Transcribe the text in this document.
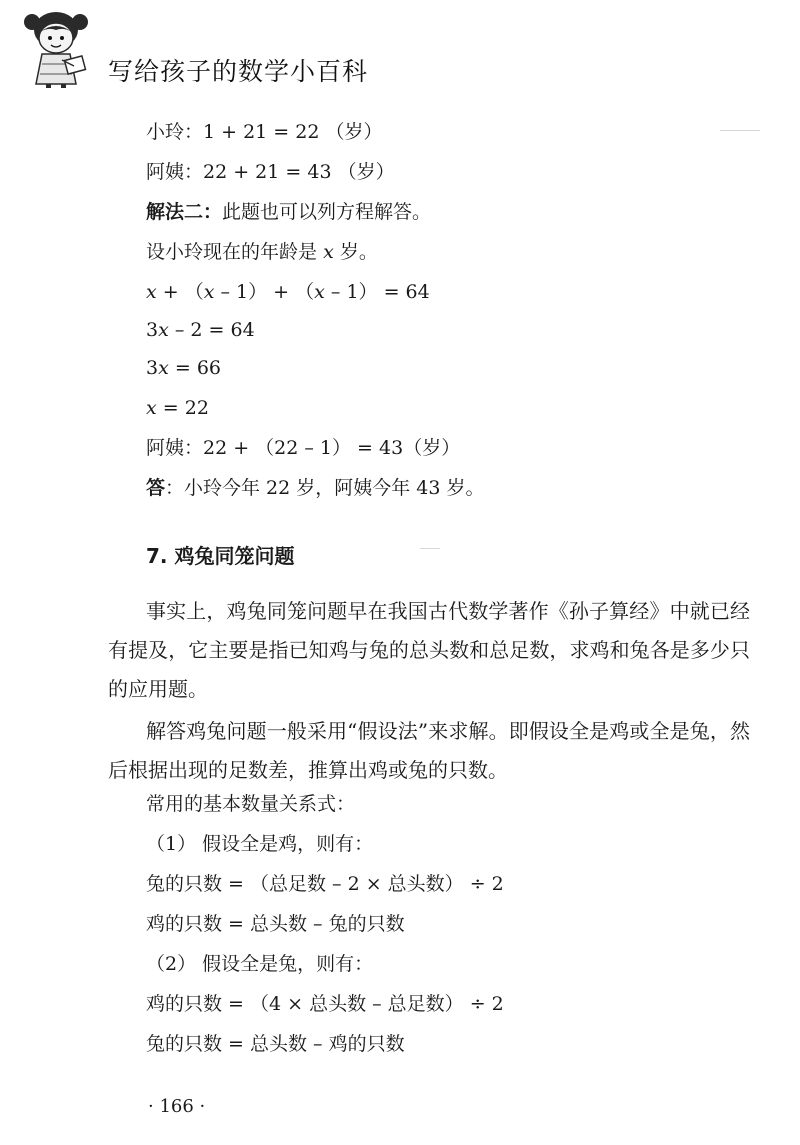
写给孩子的数学小百科
小玲：1 + 21 = 22 （岁）
阿姨：22 + 21 = 43 （岁）
解法二：此题也可以列方程解答。
设小玲现在的年龄是 x 岁。
x + （x – 1） + （x – 1） = 64
3x – 2 = 64
3x = 66
x = 22
阿姨：22 + （22 – 1） = 43（岁）
答：小玲今年 22 岁，阿姨今年 43 岁。
7. 鸡兔同笼问题

事实上，鸡兔同笼问题早在我国古代数学著作《孙子算经》中就已经有提及，它主要是指已知鸡与兔的总头数和总足数，求鸡和兔各是多少只的应用题。

解答鸡兔问题一般采用“假设法”来求解。即假设全是鸡或全是兔，然后根据出现的足数差，推算出鸡或兔的只数。

常用的基本数量关系式：
（1） 假设全是鸡，则有：
兔的只数 = （总足数 – 2 × 总头数） ÷ 2
鸡的只数 = 总头数 – 兔的只数
（2） 假设全是兔，则有：
鸡的只数 = （4 × 总头数 – 总足数） ÷ 2
兔的只数 = 总头数 – 鸡的只数
· 166 ·
